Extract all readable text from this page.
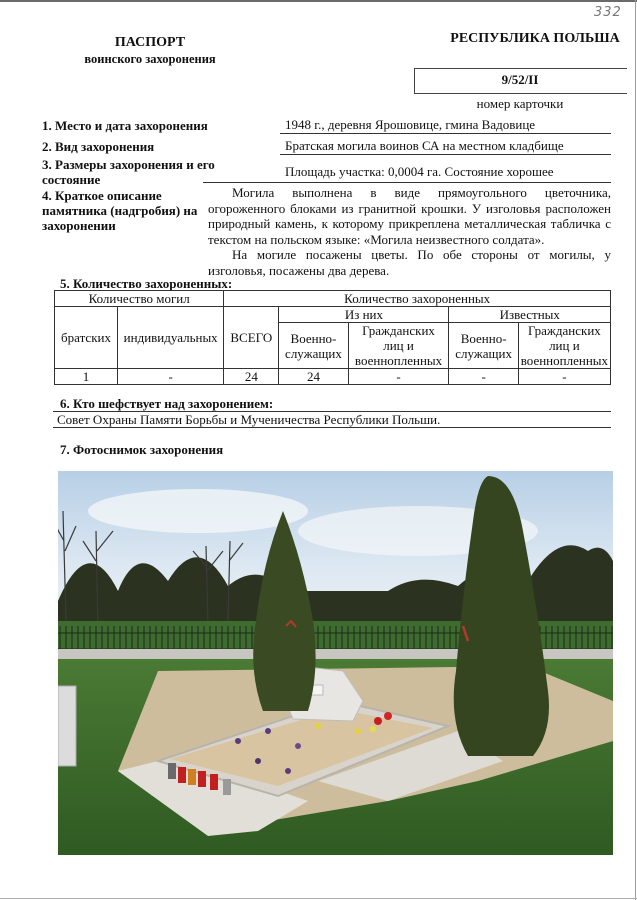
332
ПАСПОРТ
воинского захоронения
РЕСПУБЛИКА ПОЛЬША
9/52/II
номер карточки
1. Место и дата захоронения	1948 г., деревня Ярошовице, гмина Вадовице
2. Вид захоронения	Братская могила воинов СА на местном кладбище
3. Размеры захоронения и его состояние
Площадь участка: 0,0004 га. Состояние хорошее
4. Краткое описание памятника (надгробия) на захоронении

Могила выполнена в виде прямоугольного цветочника, огороженного блоками из гранитной крошки. У изголовья расположен природный камень, к которому прикреплена металлическая табличка с текстом на польском языке: «Могила неизвестного солдата».

На могиле посажены цветы. По обе стороны от могилы, у изголовья, посажены два дерева.

5. Количество захороненных:
Количество могил		Количество захороненных				
братских	индивидуальных	ВСЕГО	Из них		Известных	
			Военно-служащих	Гражданских лиц и военнопленных	Военно-служащих	Гражданских лиц и военнопленных
1	-	24	24	-	-	-
6. Кто шефствует над захоронением:
Совет Охраны Памяти Борьбы и Мученичества Республики Польши.
7. Фотоснимок захоронения
